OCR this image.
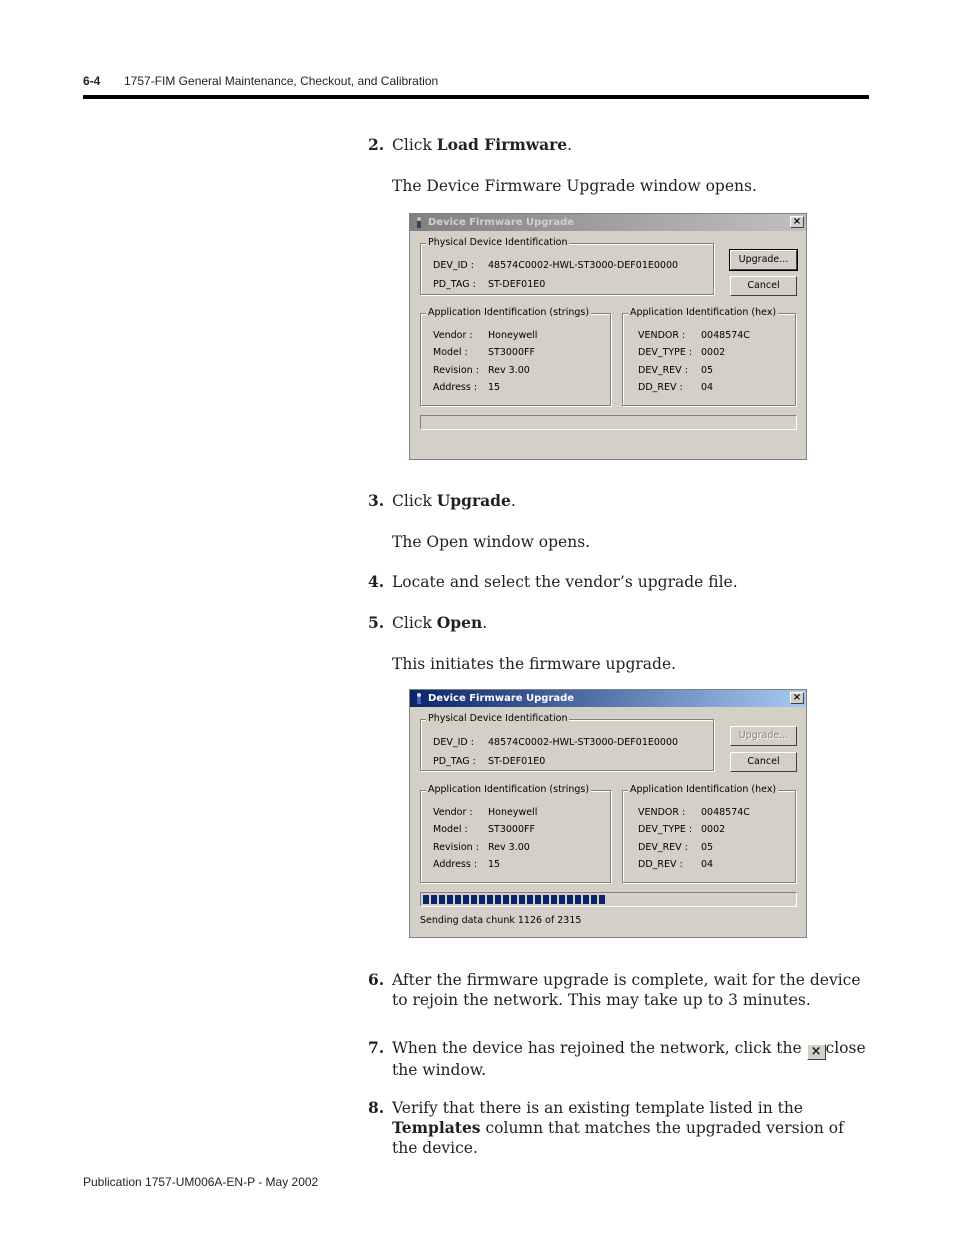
6-4 1757-FIM General Maintenance, Checkout, and Calibration
2. Click Load Firmware.
The Device Firmware Upgrade window opens.
Device Firmware Upgrade	×
Physical Device Identification
DEV_ID : 48574C0002-HWL-ST3000-DEF01E0000
PD_TAG : ST-DEF01E0
Upgrade...
Cancel
Application Identification (strings)
Vendor : Honeywell
Model : ST3000FF
Revision : Rev 3.00
Address : 15
Application Identification (hex)
VENDOR : 0048574C
DEV_TYPE : 0002
DEV_REV : 05
DD_REV : 04
3. Click Upgrade.
The Open window opens.
4. Locate and select the vendor’s upgrade file.
5. Click Open.
This initiates the firmware upgrade.
Device Firmware Upgrade	×
Physical Device Identification
DEV_ID : 48574C0002-HWL-ST3000-DEF01E0000
PD_TAG : ST-DEF01E0
Upgrade...
Cancel
Application Identification (strings)
Vendor : Honeywell
Model : ST3000FF
Revision : Rev 3.00
Address : 15
Application Identification (hex)
VENDOR : 0048574C
DEV_TYPE : 0002
DEV_REV : 05
DD_REV : 04
Sending data chunk 1126 of 2315
6. After the firmware upgrade is complete, wait for the device to rejoin the network. This may take up to 3 minutes.
7. When the device has rejoined the network, click the × close the window.
8. Verify that there is an existing template listed in the Templates column that matches the upgraded version of the device.
Publication 1757-UM006A-EN-P - May 2002
